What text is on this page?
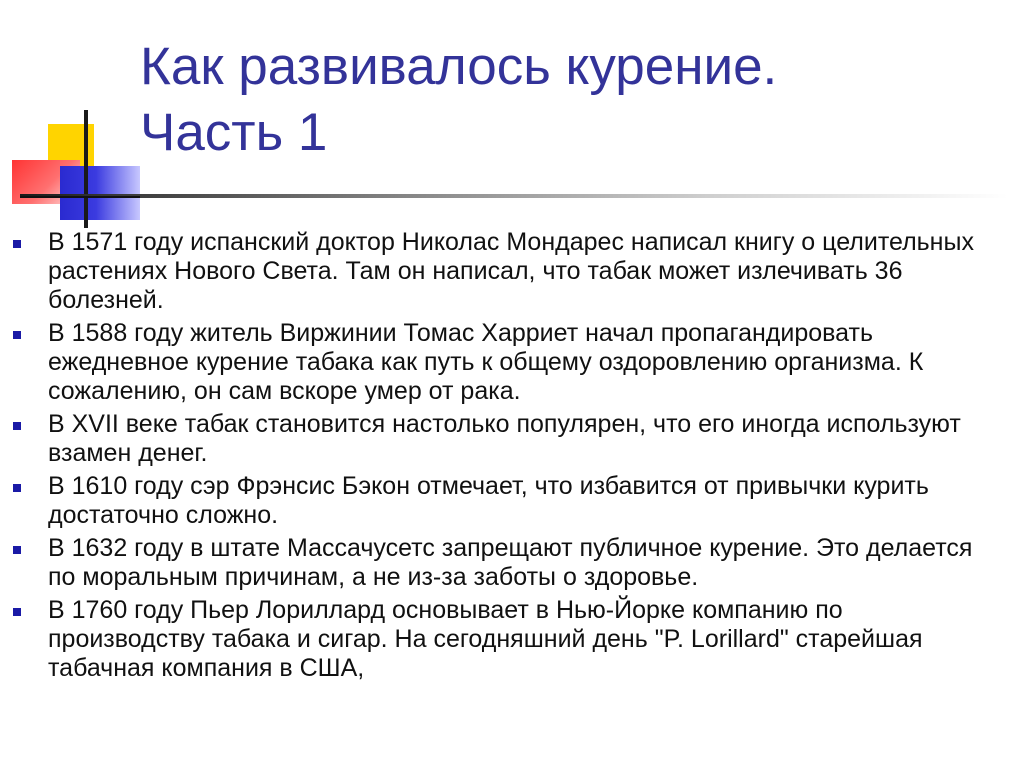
Как развивалось курение.
Часть 1
В 1571 году испанский доктор Николас Мондарес написал книгу о целительных растениях Нового Света. Там он написал, что табак может излечивать 36 болезней.
В 1588 году житель Виржинии Томас Харриет начал пропагандировать ежедневное курение табака как путь к общему оздоровлению организма. К сожалению, он сам вскоре умер от рака.
В XVII веке табак становится настолько популярен, что его иногда используют взамен денег.
В 1610 году сэр Фрэнсис Бэкон отмечает, что избавится от привычки курить достаточно сложно.
В 1632 году в штате Массачусетс запрещают публичное курение. Это делается по моральным причинам, а не из-за заботы о здоровье.
В 1760 году Пьер Лориллард основывает в Нью-Йорке компанию по производству табака и сигар. На сегодняшний день "P. Lorillard" старейшая табачная компания в США,
